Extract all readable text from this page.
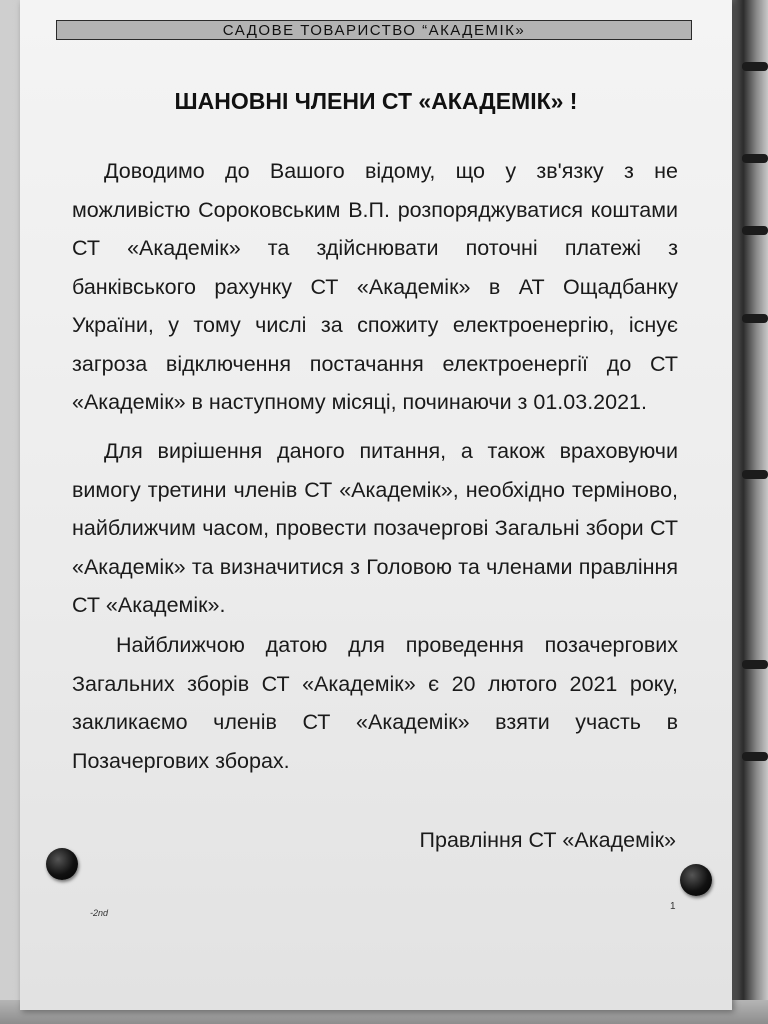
САДОВЕ ТОВАРИСТВО “АКАДЕМІК»
ШАНОВНІ ЧЛЕНИ СТ «АКАДЕМІК» !

Доводимо до Вашого відому, що у зв'язку з не можливістю Сороковським В.П. розпоряджуватися коштами СТ «Академік» та здійснювати поточні платежі з банківського рахунку СТ «Академік» в АТ Ощадбанку України, у тому числі за спожиту електроенергію, існує загроза відключення постачання електроенергії до СТ «Академік» в наступному місяці, починаючи з 01.03.2021.

Для вирішення даного питання, а також враховуючи вимогу третини членів СТ «Академік», необхідно терміново, найближчим часом, провести позачергові Загальні збори СТ «Академік» та визначитися з Головою та членами правління СТ «Академік».

Найближчою датою для проведення позачергових Загальних зборів СТ «Академік» є 20 лютого 2021 року, закликаємо членів СТ «Академік» взяти участь в Позачергових зборах.

Правління СТ «Академік»
-2nd
1
